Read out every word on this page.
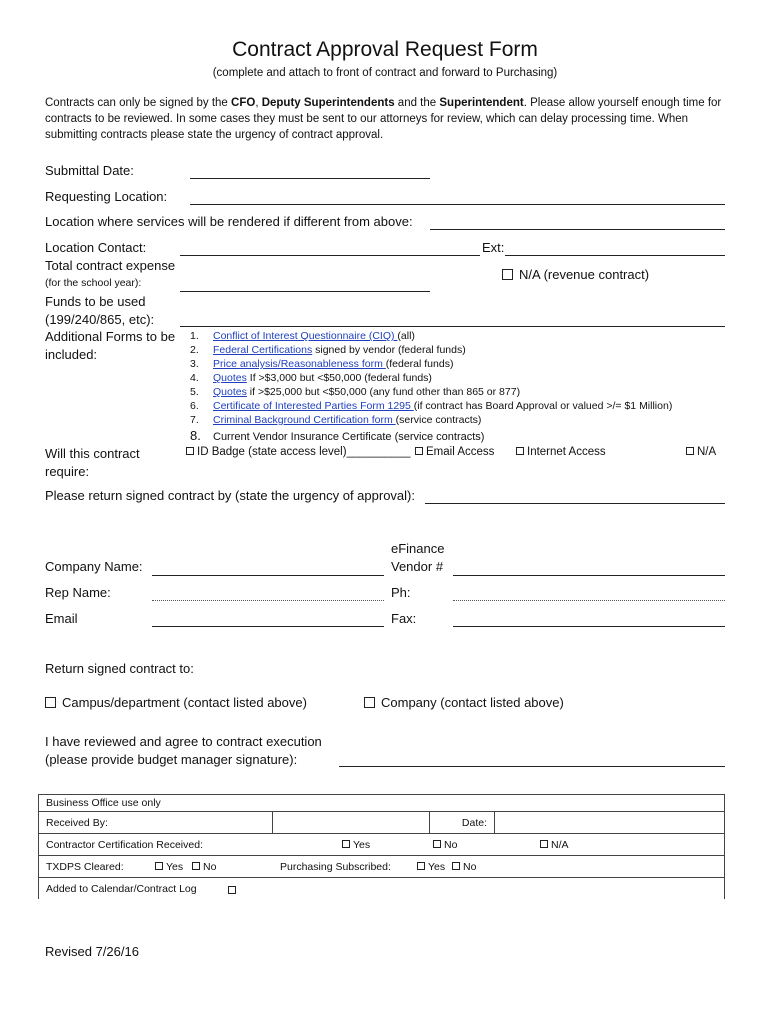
Contract Approval Request Form
(complete and attach to front of contract and forward to Purchasing)
Contracts can only be signed by the CFO, Deputy Superintendents and the Superintendent. Please allow yourself enough time for contracts to be reviewed. In some cases they must be sent to our attorneys for review, which can delay processing time. When submitting contracts please state the urgency of contract approval.
Submittal Date:
Requesting Location:
Location where services will be rendered if different from above:
Location Contact:	Ext:
Total contract expense
(for the school year):
N/A (revenue contract)
Funds to be used
(199/240/865, etc):
Additional Forms to be
included:
1. Conflict of Interest Questionnaire (CIQ) (all)
2. Federal Certifications signed by vendor (federal funds)
3. Price analysis/Reasonableness form (federal funds)
4. Quotes If >$3,000 but <$50,000 (federal funds)
5. Quotes if >$25,000 but <$50,000 (any fund other than 865 or 877)
6. Certificate of Interested Parties Form 1295 (if contract has Board Approval or valued >/= $1 Million)
7. Criminal Background Certification form (service contracts)
8. Current Vendor Insurance Certificate (service contracts)
Will this contract
require:
ID Badge (state access level)__________	Email Access	Internet Access	N/A
Please return signed contract by (state the urgency of approval):
Company Name:
eFinance
Vendor #
Rep Name:	Ph:
Email	Fax:
Return signed contract to:
Campus/department (contact listed above)	Company (contact listed above)
I have reviewed and agree to contract execution
(please provide budget manager signature):
Business Office use only
Received By:		Date:	
Contractor Certification Received:	Yes	No	N/A

TXDPS Cleared:	Yes	No	Purchasing Subscribed:	Yes	No

Added to Calendar/Contract Log
Revised 7/26/16
